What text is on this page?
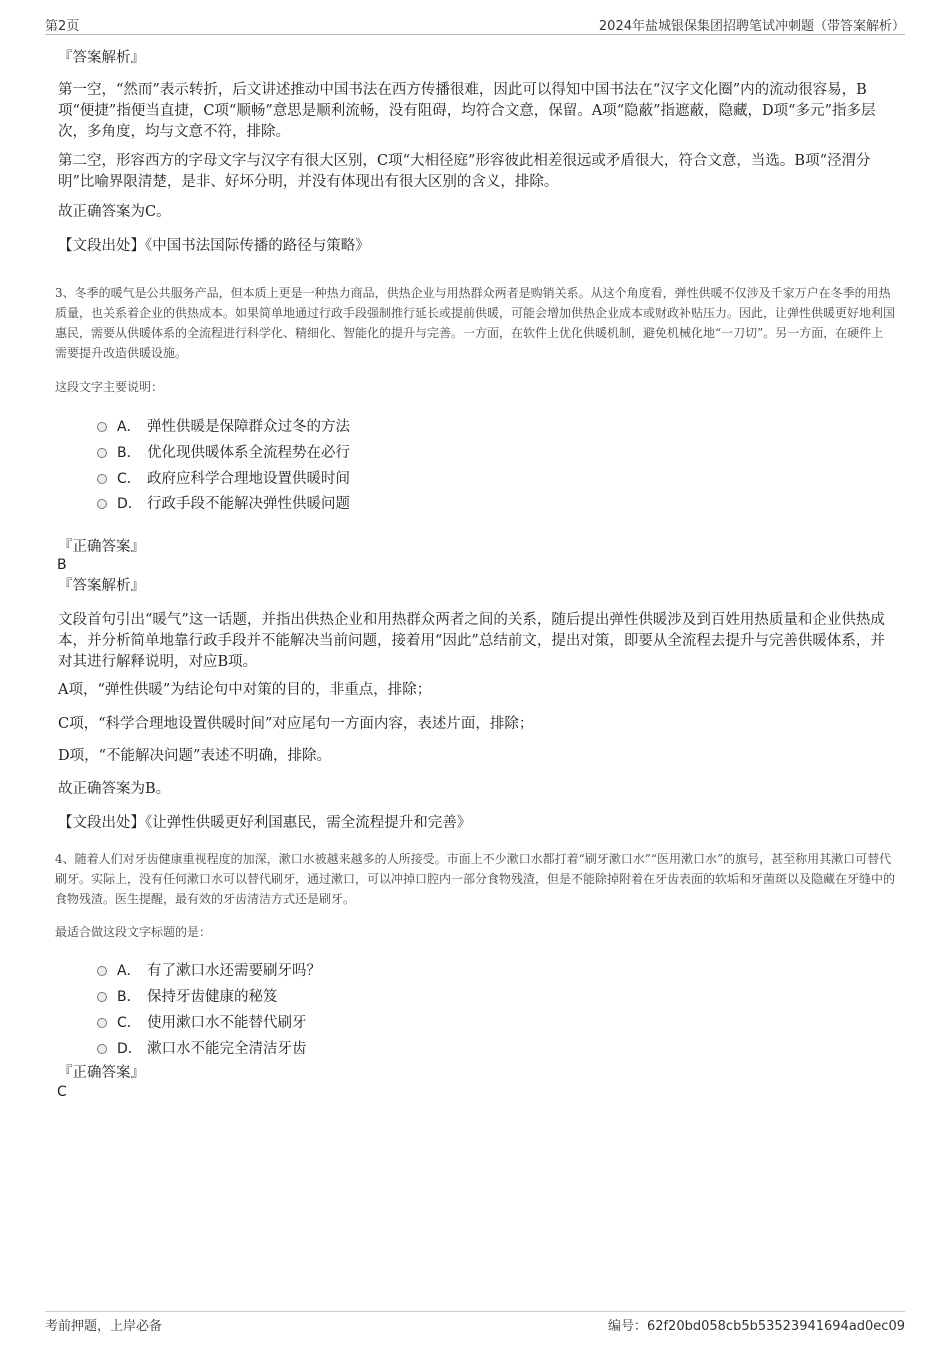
第2页	2024年盐城银保集团招聘笔试冲刺题（带答案解析）
『答案解析』
第一空，“然而”表示转折，后文讲述推动中国书法在西方传播很难，因此可以得知中国书法在“汉字文化圈”内的流动很容易，B项“便捷”指便当直捷，C项“顺畅”意思是顺利流畅，没有阻碍，均符合文意，保留。A项“隐蔽”指遮蔽，隐藏，D项“多元”指多层次，多角度，均与文意不符，排除。
第二空，形容西方的字母文字与汉字有很大区别，C项“大相径庭”形容彼此相差很远或矛盾很大，符合文意，当选。B项“泾渭分明”比喻界限清楚，是非、好坏分明，并没有体现出有很大区别的含义，排除。
故正确答案为C。
【文段出处】《中国书法国际传播的路径与策略》
3、冬季的暖气是公共服务产品，但本质上更是一种热力商品，供热企业与用热群众两者是购销关系。从这个角度看，弹性供暖不仅涉及千家万户在冬季的用热质量，也关系着企业的供热成本。如果简单地通过行政手段强制推行延长或提前供暖，可能会增加供热企业成本或财政补贴压力。因此，让弹性供暖更好地利国惠民，需要从供暖体系的全流程进行科学化、精细化、智能化的提升与完善。一方面，在软件上优化供暖机制，避免机械化地“一刀切”。另一方面，在硬件上需要提升改造供暖设施。
这段文字主要说明：
A． 弹性供暖是保障群众过冬的方法
B． 优化现供暖体系全流程势在必行
C． 政府应科学合理地设置供暖时间
D． 行政手段不能解决弹性供暖问题
『正确答案』
B
『答案解析』
文段首句引出“暖气”这一话题，并指出供热企业和用热群众两者之间的关系，随后提出弹性供暖涉及到百姓用热质量和企业供热成本，并分析简单地靠行政手段并不能解决当前问题，接着用“因此”总结前文，提出对策，即要从全流程去提升与完善供暖体系，并对其进行解释说明，对应B项。
A项，“弹性供暖”为结论句中对策的目的，非重点，排除；
C项，“科学合理地设置供暖时间”对应尾句一方面内容，表述片面，排除；
D项，“不能解决问题”表述不明确，排除。
故正确答案为B。
【文段出处】《让弹性供暖更好利国惠民，需全流程提升和完善》
4、随着人们对牙齿健康重视程度的加深，漱口水被越来越多的人所接受。市面上不少漱口水都打着“刷牙漱口水”“医用漱口水”的旗号，甚至称用其漱口可替代刷牙。实际上，没有任何漱口水可以替代刷牙，通过漱口，可以冲掉口腔内一部分食物残渣，但是不能除掉附着在牙齿表面的软垢和牙菌斑以及隐藏在牙缝中的食物残渣。医生提醒，最有效的牙齿清洁方式还是刷牙。
最适合做这段文字标题的是：
A． 有了漱口水还需要刷牙吗？
B． 保持牙齿健康的秘笈
C． 使用漱口水不能替代刷牙
D． 漱口水不能完全清洁牙齿
『正确答案』
C
考前押题，上岸必备	编号：62f20bd058cb5b53523941694ad0ec09
